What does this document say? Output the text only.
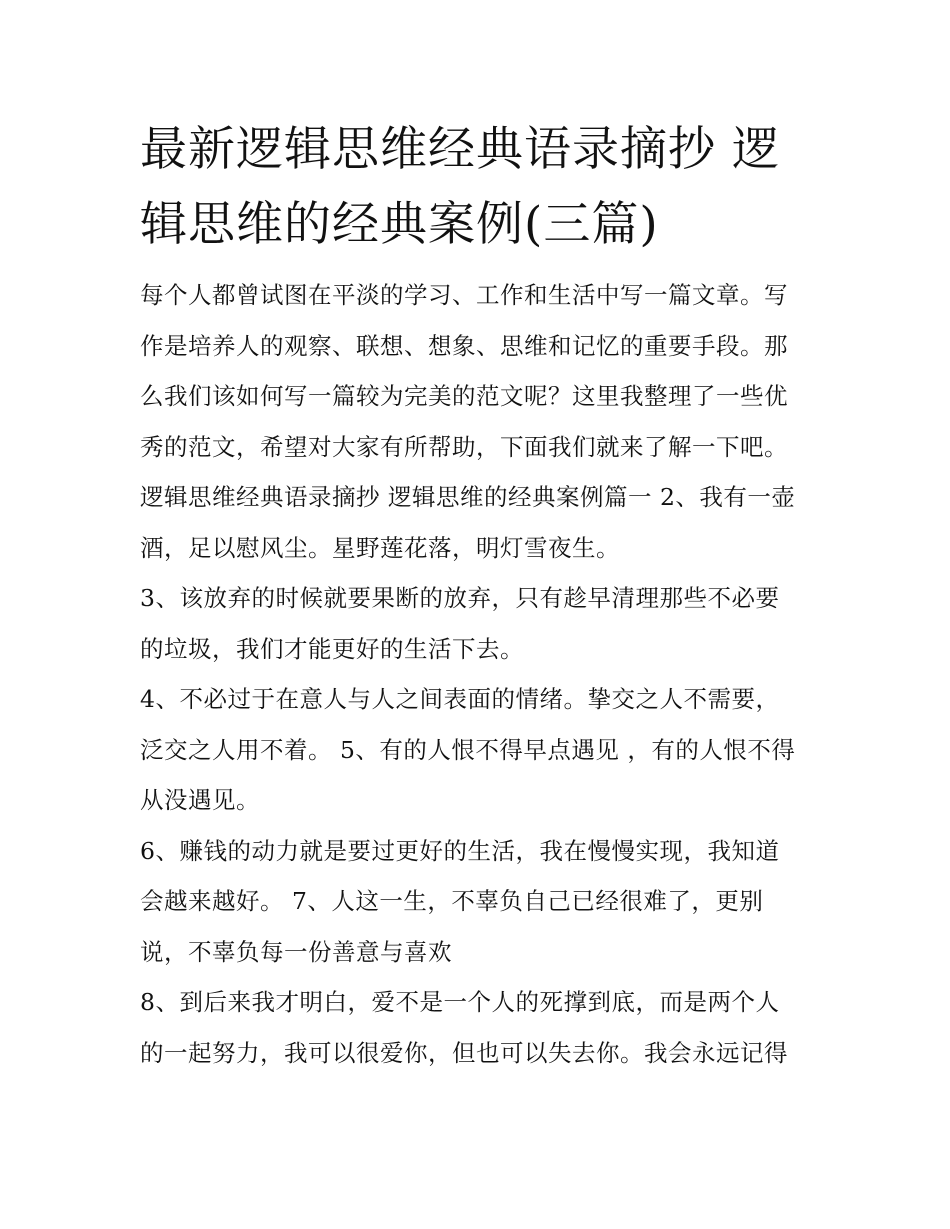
最新逻辑思维经典语录摘抄 逻
辑思维的经典案例(三篇)

每个人都曾试图在平淡的学习、工作和生活中写一篇文章。写
作是培养人的观察、联想、想象、思维和记忆的重要手段。那
么我们该如何写一篇较为完美的范文呢？这里我整理了一些优
秀的范文，希望对大家有所帮助，下面我们就来了解一下吧。
逻辑思维经典语录摘抄 逻辑思维的经典案例篇一 2、我有一壶
酒，足以慰风尘。星野莲花落，明灯雪夜生。

3、该放弃的时候就要果断的放弃，只有趁早清理那些不必要
的垃圾，我们才能更好的生活下去。

4、不必过于在意人与人之间表面的情绪。挚交之人不需要，
泛交之人用不着。 5、有的人恨不得早点遇见 ，有的人恨不得
从没遇见。

6、赚钱的动力就是要过更好的生活，我在慢慢实现，我知道
会越来越好。 7、人这一生，不辜负自己已经很难了，更别
说，不辜负每一份善意与喜欢

8、到后来我才明白，爱不是一个人的死撑到底，而是两个人
的一起努力，我可以很爱你，但也可以失去你。我会永远记得
